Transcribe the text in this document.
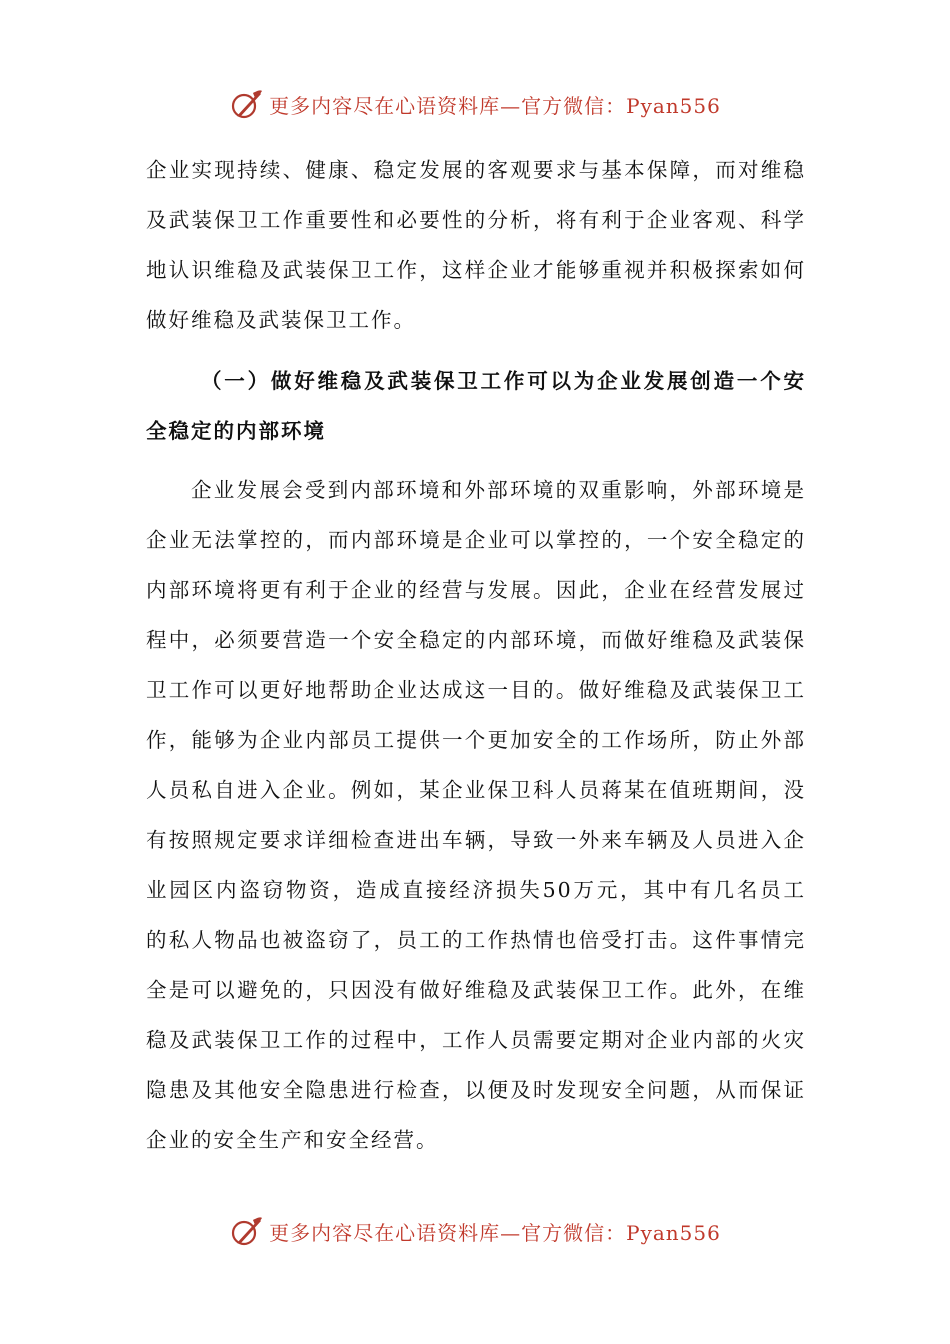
更多内容尽在心语资料库—官方微信：Pyan556

企业实现持续、健康、稳定发展的客观要求与基本保障，而对维稳及武装保卫工作重要性和必要性的分析，将有利于企业客观、科学地认识维稳及武装保卫工作，这样企业才能够重视并积极探索如何做好维稳及武装保卫工作。

（一）做好维稳及武装保卫工作可以为企业发展创造一个安全稳定的内部环境

企业发展会受到内部环境和外部环境的双重影响，外部环境是企业无法掌控的，而内部环境是企业可以掌控的，一个安全稳定的内部环境将更有利于企业的经营与发展。因此，企业在经营发展过程中，必须要营造一个安全稳定的内部环境，而做好维稳及武装保卫工作可以更好地帮助企业达成这一目的。做好维稳及武装保卫工作，能够为企业内部员工提供一个更加安全的工作场所，防止外部人员私自进入企业。例如，某企业保卫科人员蒋某在值班期间，没有按照规定要求详细检查进出车辆，导致一外来车辆及人员进入企业园区内盗窃物资，造成直接经济损失50万元，其中有几名员工的私人物品也被盗窃了，员工的工作热情也倍受打击。这件事情完全是可以避免的，只因没有做好维稳及武装保卫工作。此外，在维稳及武装保卫工作的过程中，工作人员需要定期对企业内部的火灾隐患及其他安全隐患进行检查，以便及时发现安全问题，从而保证企业的安全生产和安全经营。

更多内容尽在心语资料库—官方微信：Pyan556
